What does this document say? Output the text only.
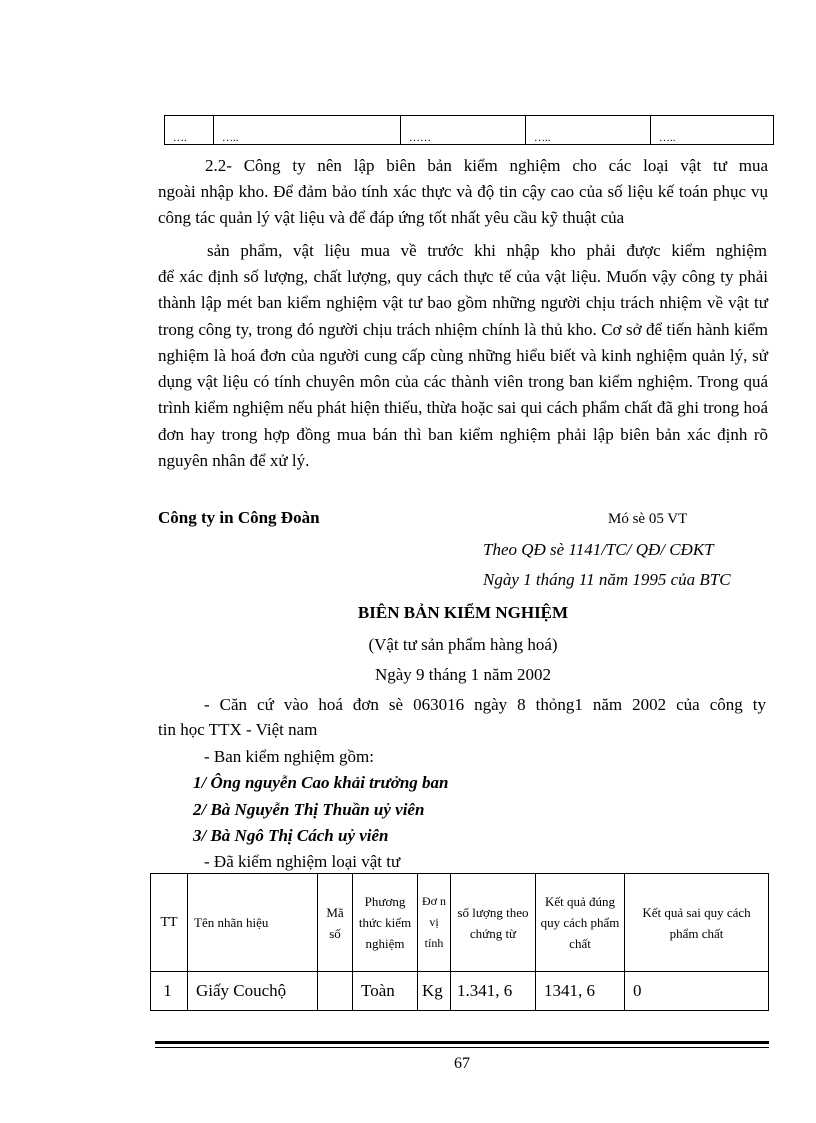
….	…..	……	…..	…..
2.2- Công ty nên lập biên bản kiểm nghiệm cho các loại vật tư mua
ngoài nhập kho. Để đảm bảo tính xác thực và độ tin cậy cao của số liệu kế toán phục vụ công tác quản lý vật liệu và để đáp ứng tốt nhất yêu cầu kỹ thuật của
sản phẩm, vật liệu mua về trước khi nhập kho phải được kiểm nghiệm
để xác định số lượng, chất lượng, quy cách thực tế của vật liệu. Muốn vậy công ty phải thành lập mét ban kiểm nghiệm vật tư bao gồm những người chịu trách nhiệm về vật tư trong công ty, trong đó người chịu trách nhiệm chính là thủ kho. Cơ sở để tiến hành kiểm nghiệm là hoá đơn của người cung cấp cùng những hiểu biết và kinh nghiệm quản lý, sử dụng vật liệu có tính chuyên môn của các thành viên trong ban kiểm nghiệm. Trong quá trình kiểm nghiệm nếu phát hiện thiếu, thừa hoặc sai qui cách phẩm chất đã ghi trong hoá đơn hay trong hợp đồng mua bán thì ban kiểm nghiệm phải lập biên bản xác định rõ nguyên nhân để xử lý.
Công ty in Công Đoàn	Mó sè 05 VT
Theo QĐ sè 1141/TC/ QĐ/ CĐKT
Ngày 1 tháng 11 năm 1995 của BTC
BIÊN BẢN KIỂM NGHIỆM
(Vật tư sản phẩm hàng hoá)
Ngày 9 tháng 1 năm 2002
- Căn cứ vào hoá đơn sè 063016 ngày 8 thỏng1 năm 2002 của công ty
tin học TTX - Việt nam
- Ban kiểm nghiệm gồm:
1/ Ông nguyễn Cao khải trưởng ban
2/ Bà Nguyễn Thị Thuần uỷ viên
3/ Bà Ngô Thị Cách uỷ viên
- Đã kiểm nghiệm loại vật tư
TT	Tên nhãn hiệu	Mã số	Phương thức kiểm nghiệm	Đơ n vị tính	số lượng theo chứng từ	Kết quả đúng quy cách phẩm chất	Kết quả sai quy cách phẩm chất
1	Giấy Couchộ		Toàn	Kg	1.341, 6	1341, 6	0
67
